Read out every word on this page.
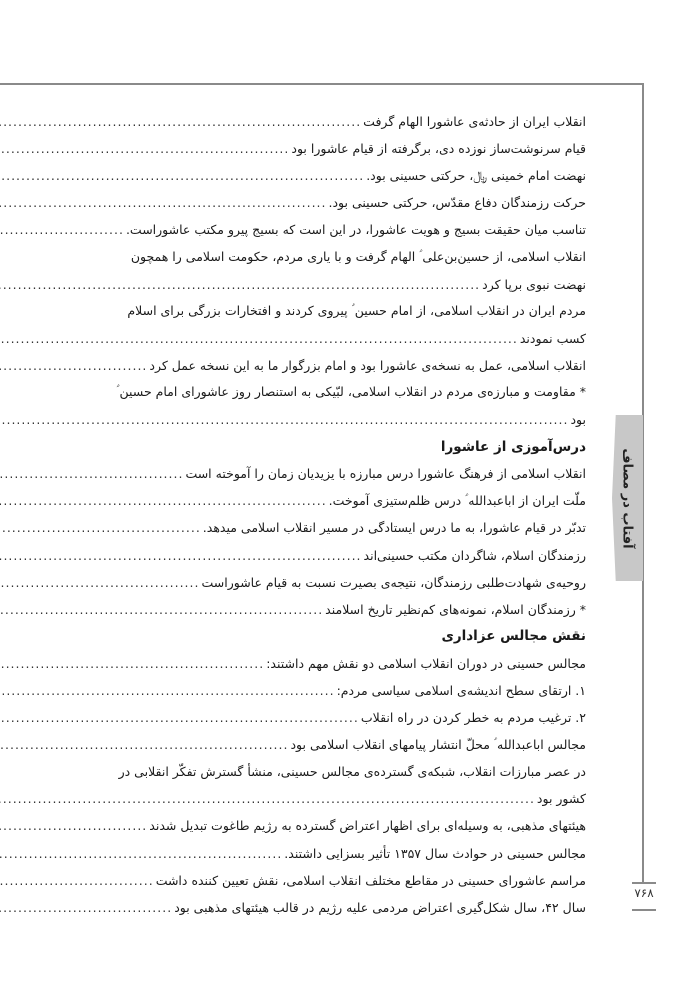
آفتاب در مصاف
۷۶۸
انقلاب ایران از حادثه‌ی عاشورا الهام گرفت
.....
قیام سرنوشت‌ساز نوزده دی، برگرفته از قیام عاشورا بود
.....
نهضت امام خمینی ﷼، حرکتی حسینی بود.
.....
حرکت رزمندگان دفاع مقدّس، حرکتی حسینی بود.
.....
تناسب میان حقیقت بسیج و هویت عاشورا، در این است که بسیج پیرو مکتب عاشوراست.
.....
انقلاب اسلامی، از حسین‌بن‌علی ؑ الهام گرفت و با یاری مردم، حکومت اسلامی را همچون
نهضت نبوی برپا کرد
.....
مردم ایران در انقلاب اسلامی، از امام حسین ؑ پیروی کردند و افتخارات بزرگی برای اسلام
کسب نمودند
.....
انقلاب اسلامی، عمل به نسخه‌ی عاشورا بود و امام بزرگوار ما به این نسخه عمل کرد
.....
* مقاومت و مبارزه‌ی مردم در انقلاب اسلامی، لبّیکی به استنصار روز عاشورای امام حسین ؑ
بود
.....
درس‌آموزی از عاشورا
انقلاب اسلامی از فرهنگ عاشورا درس مبارزه با یزیدیان زمان را آموخته است
.....
ملّت ایران از اباعبدالله ؑ درس ظلم‌ستیزی آموخت.
.....
تدبّر در قیام عاشورا، به ما درس ایستادگی در مسیر انقلاب اسلامی میدهد.
.....
رزمندگان اسلام، شاگردان مکتب حسینی‌اند
.....
روحیه‌ی شهادت‌طلبی رزمندگان، نتیجه‌ی بصیرت نسبت به قیام عاشوراست
.....
* رزمندگان اسلام، نمونه‌های کم‌نظیر تاریخ اسلامند
.....
نقش مجالس عزاداری
مجالس حسینی در دوران انقلاب اسلامی دو نقش مهم داشتند:
.....
۱. ارتقای سطح اندیشه‌ی اسلامی سیاسی مردم:
.....
۲. ترغیب مردم به خطر کردن در راه انقلاب
.....
مجالس اباعبدالله ؑ محلّ انتشار پیامهای انقلاب اسلامی بود
.....
در عصر مبارزات انقلاب، شبکه‌ی گسترده‌ی مجالس حسینی، منشأ گسترش تفکّر انقلابی در
کشور بود
.....
هیئتهای مذهبی، به وسیله‌ای برای اظهار اعتراض گسترده به رژیم طاغوت تبدیل شدند
.....
مجالس حسینی در حوادث سال ۱۳۵۷ تأثیر بسزایی داشتند.
.....
مراسم عاشورای حسینی در مقاطع مختلف انقلاب اسلامی، نقش تعیین کننده داشت
.....
سال ۴۲، سال شکل‌گیری اعتراض مردمی علیه رژیم در قالب هیئتهای مذهبی بود
.....
